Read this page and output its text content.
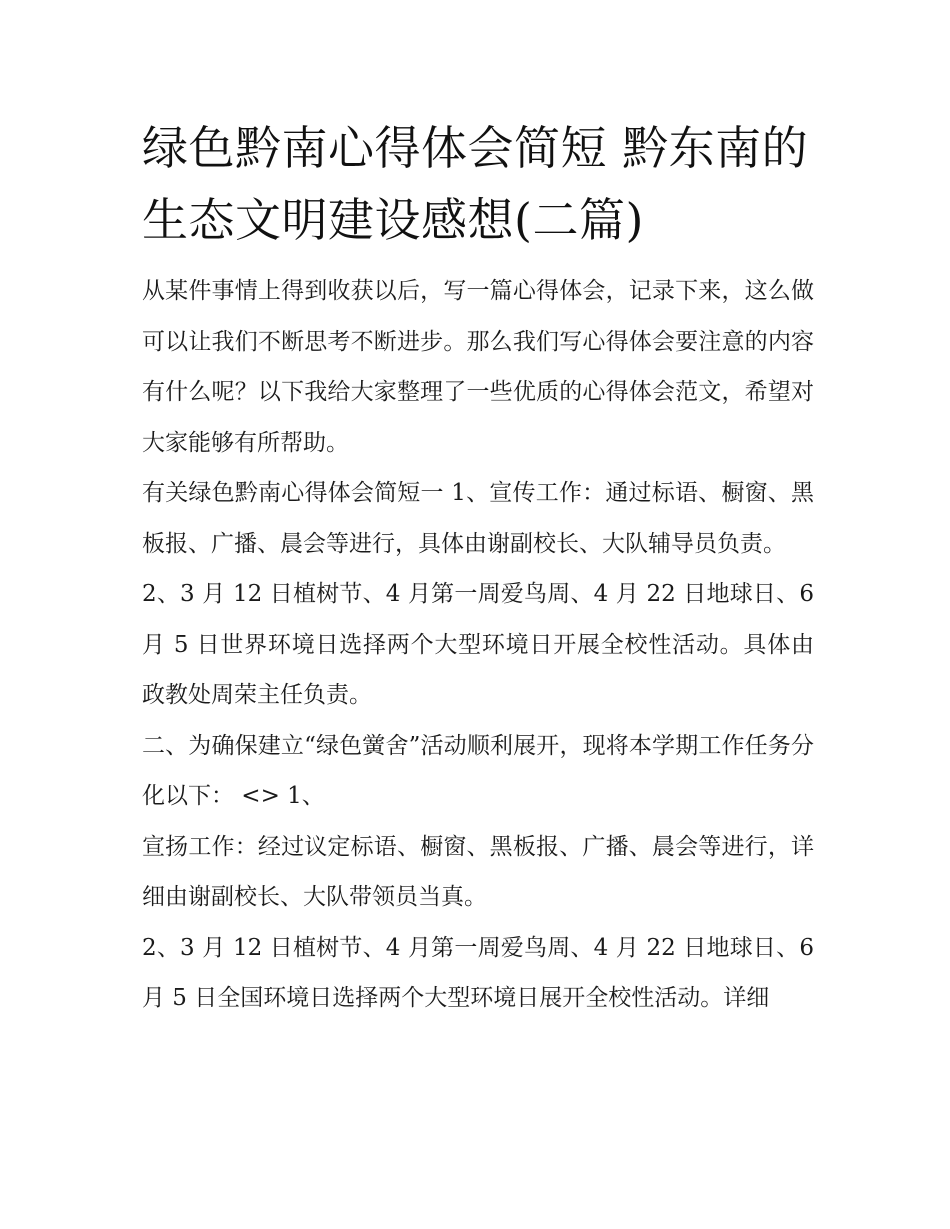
绿色黔南心得体会简短 黔东南的生态文明建设感想(二篇)

从某件事情上得到收获以后，写一篇心得体会，记录下来，这么做可以让我们不断思考不断进步。那么我们写心得体会要注意的内容有什么呢？以下我给大家整理了一些优质的心得体会范文，希望对大家能够有所帮助。

有关绿色黔南心得体会简短一 1、宣传工作：通过标语、橱窗、黑板报、广播、晨会等进行，具体由谢副校长、大队辅导员负责。

2、3 月 12 日植树节、4 月第一周爱鸟周、4 月 22 日地球日、6 月 5 日世界环境日选择两个大型环境日开展全校性活动。具体由政教处周荣主任负责。

二、为确保建立“绿色黉舍”活动顺利展开，现将本学期工作任务分化以下： <> 1、

宣扬工作：经过议定标语、橱窗、黑板报、广播、晨会等进行，详细由谢副校长、大队带领员当真。

2、3 月 12 日植树节、4 月第一周爱鸟周、4 月 22 日地球日、6 月 5 日全国环境日选择两个大型环境日展开全校性活动。详细
